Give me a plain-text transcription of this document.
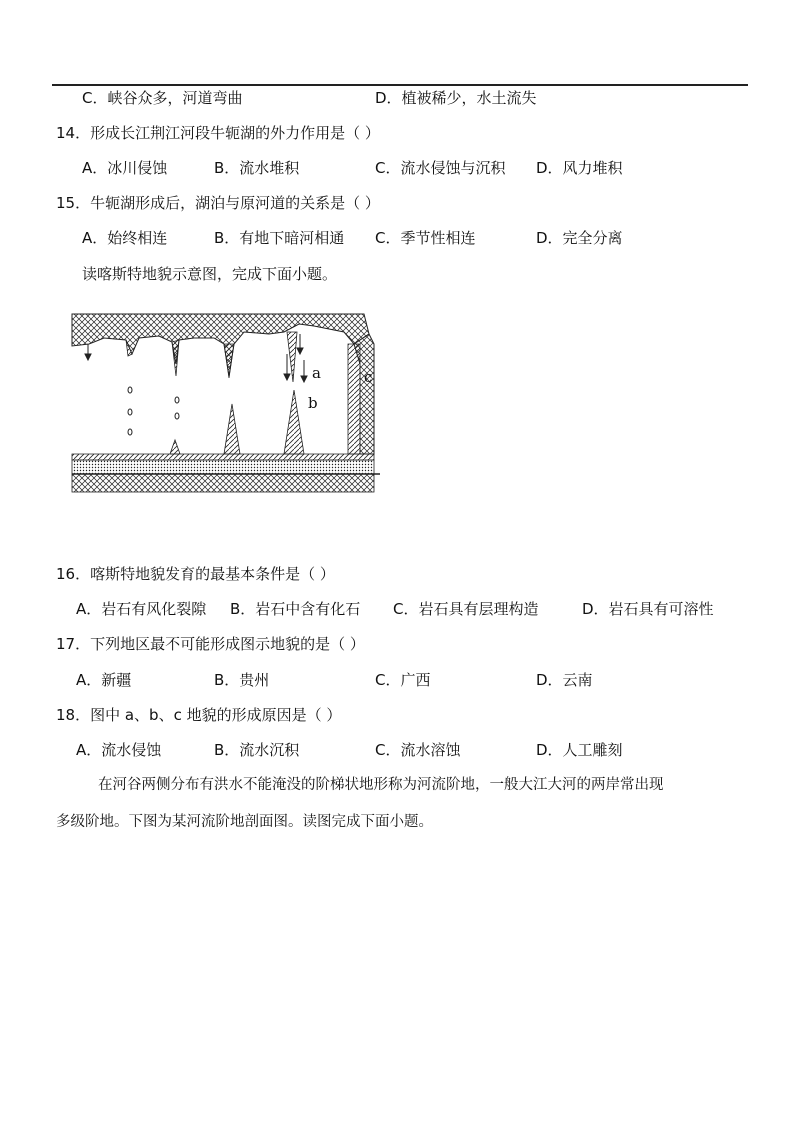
C．峡谷众多，河道弯曲	D．植被稀少，水土流失
14．形成长江荆江河段牛轭湖的外力作用是（ ）
A．冰川侵蚀	B．流水堆积	C．流水侵蚀与沉积 D．风力堆积
15．牛轭湖形成后，湖泊与原河道的关系是（ ）
A．始终相连	B．有地下暗河相通 C．季节性相连	D．完全分离
读喀斯特地貌示意图，完成下面小题。
a
b
c
16．喀斯特地貌发育的最基本条件是（ ）
A．岩石有风化裂隙 B．岩石中含有化石 C．岩石具有层理构造	D．岩石具有可溶性
17．下列地区最不可能形成图示地貌的是（ ）
A．新疆	B．贵州	C．广西	D．云南
18．图中 a、b、c 地貌的形成原因是（ ）
A．流水侵蚀	B．流水沉积	C．流水溶蚀	D．人工雕刻
在河谷两侧分布有洪水不能淹没的阶梯状地形称为河流阶地，一般大江大河的两岸常出现
多级阶地。下图为某河流阶地剖面图。读图完成下面小题。
